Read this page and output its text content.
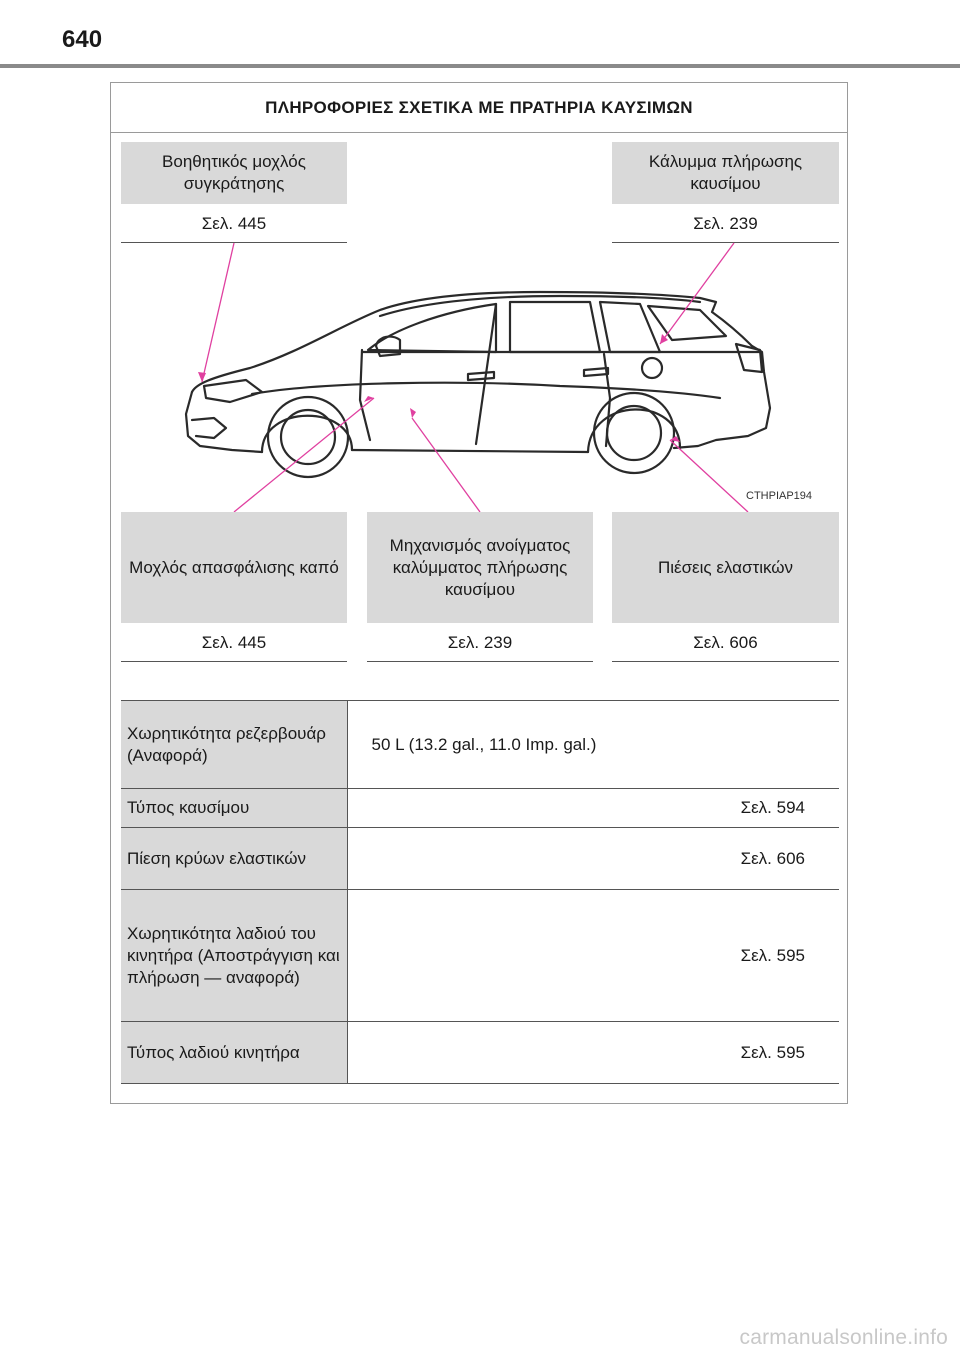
640
ΠΛΗΡΟΦΟΡΙΕΣ ΣΧΕΤΙΚΑ ΜΕ ΠΡΑΤΗΡΙΑ ΚΑΥΣΙΜΩΝ
Βοηθητικός μοχλός συγκράτησης
Σελ. 445
Κάλυμμα πλήρωσης καυσίμου
Σελ. 239
CTHPIAP194
Μοχλός απασφάλισης καπό
Σελ. 445
Μηχανισμός ανοίγματος καλύμματος πλήρωσης καυσίμου
Σελ. 239
Πιέσεις ελαστικών
Σελ. 606
Χωρητικότητα ρεζερβουάρ (Αναφορά)	50 L (13.2 gal., 11.0 Imp. gal.)
Τύπος καυσίμου	Σελ. 594
Πίεση κρύων ελαστικών	Σελ. 606
Χωρητικότητα λαδιού του κινητήρα (Αποστράγγιση και πλήρωση — αναφορά)	Σελ. 595
Τύπος λαδιού κινητήρα	Σελ. 595
carmanualsonline.info
